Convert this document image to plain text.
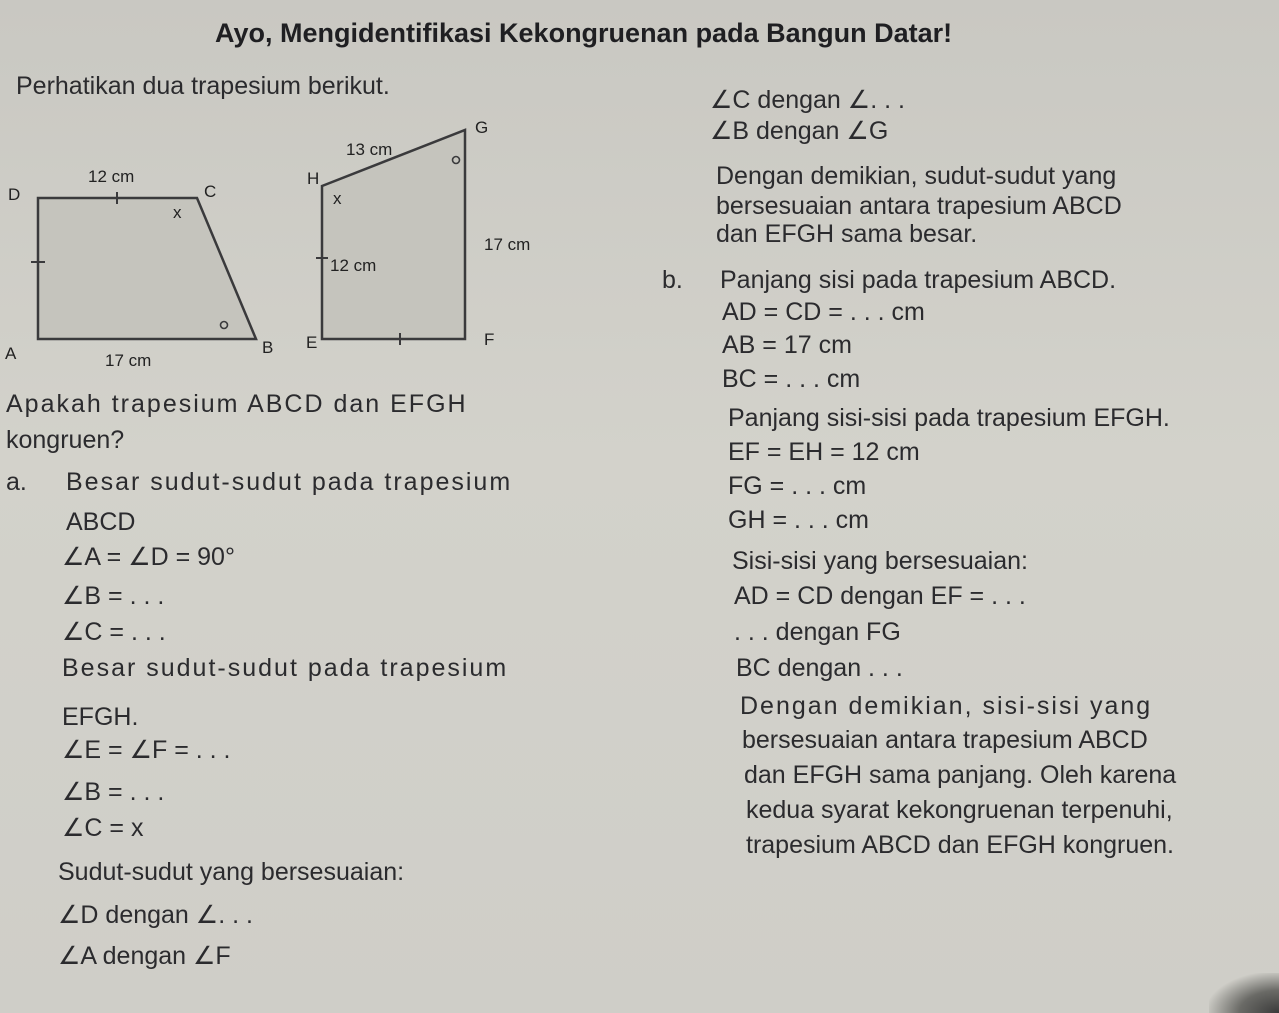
Ayo, Mengidentifikasi Kekongruenan pada Bangun Datar!
Perhatikan dua trapesium berikut.
D	C
A	B
x
12 cm
17 cm
G
H
E	F
x
13 cm
17 cm
12 cm
Apakah trapesium ABCD dan EFGH
kongruen?
a. Besar sudut-sudut pada trapesium
ABCD
∠A = ∠D = 90°
∠B = . . .
∠C = . . .
Besar sudut-sudut pada trapesium
EFGH.
∠E = ∠F = . . .
∠B = . . .
∠C = x
Sudut-sudut yang bersesuaian:
∠D dengan ∠. . .
∠A dengan ∠F
∠C dengan ∠. . .
∠B dengan ∠G
Dengan demikian, sudut-sudut yang
bersesuaian antara trapesium ABCD
dan EFGH sama besar.
b. Panjang sisi pada trapesium ABCD.
AD = CD = . . . cm
AB = 17 cm
BC = . . . cm
Panjang sisi-sisi pada trapesium EFGH.
EF = EH = 12 cm
FG = . . . cm
GH = . . . cm
Sisi-sisi yang bersesuaian:
AD = CD dengan EF = . . .
. . . dengan FG
BC dengan . . .
Dengan demikian, sisi-sisi yang
bersesuaian antara trapesium ABCD
dan EFGH sama panjang. Oleh karena
kedua syarat kekongruenan terpenuhi,
trapesium ABCD dan EFGH kongruen.
